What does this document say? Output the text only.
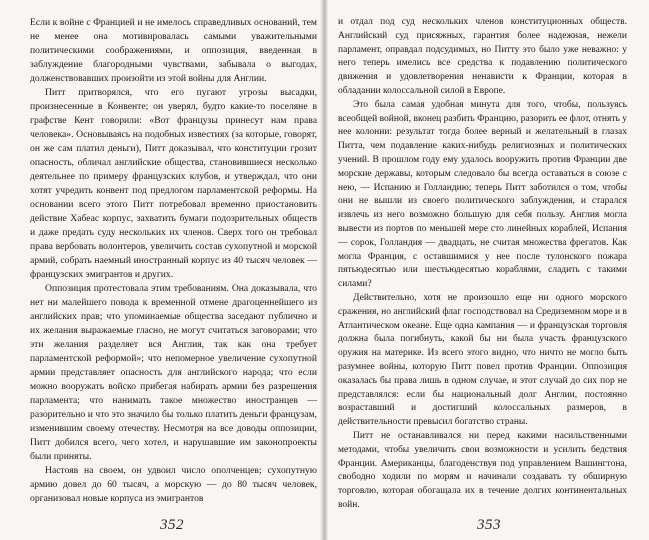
Если к войне с Францией и не имелось справедливых оснований, тем не менее она мотивировалась самыми уважительными политическими соображениями, и оппозиция, введенная в заблуждение благородными чувствами, забывала о выгодах, долженствовавших произойти из этой войны для Англии.

Питт притворялся, что его пугают угрозы высадки, произнесенные в Конвенте; он уверял, будто какие-то поселяне в графстве Кент говорили: «Вот французы принесут нам права человека». Основываясь на подобных известиях (за которые, говорят, он же сам платил деньги), Питт доказывал, что конституции грозит опасность, обличал английские общества, становившиеся несколько деятельнее по примеру французских клубов, и утверждал, что они хотят учредить конвент под предлогом парламентской реформы. На основании всего этого Питт потребовал временно приостановить действие Хабеас корпус, захватить бумаги подозрительных обществ и даже предать суду нескольких их членов. Сверх того он требовал права вербовать волонтеров, увеличить состав сухопутной и морской армий, собрать наемный иностранный корпус из 40 тысяч человек — французских эмигрантов и других.

Оппозиция протестовала этим требованиям. Она доказывала, что нет ни малейшего повода к временной отмене драгоценнейшего из английских прав; что упоминаемые общества заседают публично и их желания выражаемые гласно, не могут считаться заговорами; что эти желания разделяет вся Англия, так как она требует парламентской реформой»; что непомерное увеличение сухопутной армии представляет опасность для английского народа; что если можно вооружать войско прибегая набирать армии без разрешения парламента; что нанимать такое множество иностранцев — разорительно и что это значило бы только платить деньги французам, изменившим своему отечеству. Несмотря на все доводы оппозиции, Питт добился всего, чего хотел, и нарушавшие им законопроекты были приняты.

Настояв на своем, он удвоил число ополченцев; сухопутную армию довел до 60 тысяч, а морскую — до 80 тысяч человек, организовал новые корпуса из эмигрантов

352

и отдал под суд нескольких членов конституционных обществ. Английский суд присяжных, гарантия более надежная, нежели парламент, оправдал подсудимых, но Питту это было уже неважно: у него теперь имелись все средства к подавлению политического движения и удовлетворения ненависти к Франции, которая в обладании колоссальной силой в Европе.

Это была самая удобная минута для того, чтобы, пользуясь всеобщей войной, вконец разбить Францию, разорить ее флот, отнять у нее колонии: результат тогда более верный и желательный в глазах Питта, чем подавление каких-нибудь религиозных и политических учений. В прошлом году ему удалось вооружить против Франции две морские державы, которым следовало бы всегда оставаться в союзе с нею, — Испанию и Голландию; теперь Питт заботился о том, чтобы они не вышли из своего политического заблуждения, и старался извлечь из него возможно большую для себя пользу. Англия могла вывести из портов по меньшей мере сто линейных кораблей, Испания — сорок, Голландия — двадцать, не считая множества фрегатов. Как могла Франция, с оставшимися у нее после тулонского пожара пятьюдесятью или шестьюдесятью кораблями, сладить с такими силами?

Действительно, хотя не произошло еще ни одного морского сражения, но английский флаг господствовал на Средиземном море и в Атлантическом океане. Еще одна кампания — и французская торговля должна была погибнуть, какой бы ни была участь французского оружия на материке. Из всего этого видно, что ничто не могло быть разумнее войны, которую Питт повел против Франции. Оппозиция оказалась бы права лишь в одном случае, и этот случай до сих пор не представлялся: если бы национальный долг Англии, постоянно возраставший и достигший колоссальных размеров, в действительности превысил богатство страны.

Питт не останавливался ни перед какими насильственными методами, чтобы увеличить свои возможности и усилить бедствия Франции. Американцы, благоденствуя под управлением Вашингтона, свободно ходили по морям и начинали создавать ту обширную торговлю, которая обогащала их в течение долгих континентальных войн.

353
